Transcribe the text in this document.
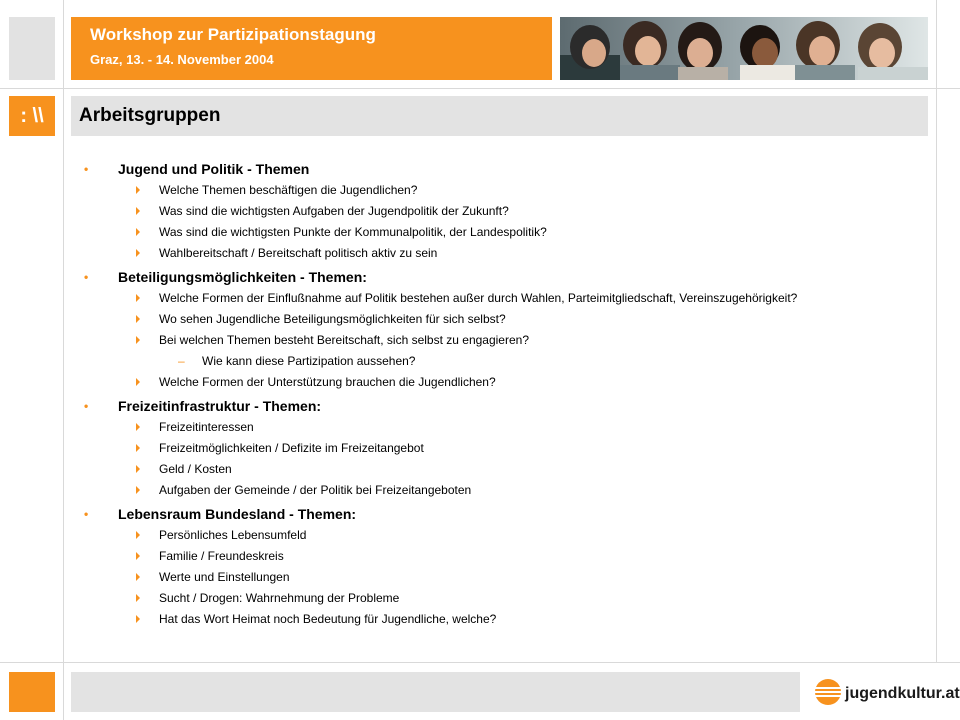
Workshop zur Partizipationstagung
Graz, 13. - 14. November 2004
: \\	Arbeitsgruppen
• Jugend und Politik - Themen
Welche Themen beschäftigen die Jugendlichen?
Was sind die wichtigsten Aufgaben der Jugendpolitik der Zukunft?
Was sind die wichtigsten Punkte der Kommunalpolitik, der Landespolitik?
Wahlbereitschaft / Bereitschaft politisch aktiv zu sein
• Beteiligungsmöglichkeiten - Themen:
Welche Formen der Einflußnahme auf Politik bestehen außer durch Wahlen, Parteimitgliedschaft, Vereinszugehörigkeit?
Wo sehen Jugendliche Beteiligungsmöglichkeiten für sich selbst?
Bei welchen Themen besteht Bereitschaft, sich selbst zu engagieren?
– Wie kann diese Partizipation aussehen?
Welche Formen der Unterstützung brauchen die Jugendlichen?
• Freizeitinfrastruktur - Themen:
Freizeitinteressen
Freizeitmöglichkeiten / Defizite im Freizeitangebot
Geld / Kosten
Aufgaben der Gemeinde / der Politik bei Freizeitangeboten
• Lebensraum Bundesland - Themen:
Persönliches Lebensumfeld
Familie / Freundeskreis
Werte und Einstellungen
Sucht / Drogen: Wahrnehmung der Probleme
Hat das Wort Heimat noch Bedeutung für Jugendliche, welche?
jugendkultur.at
